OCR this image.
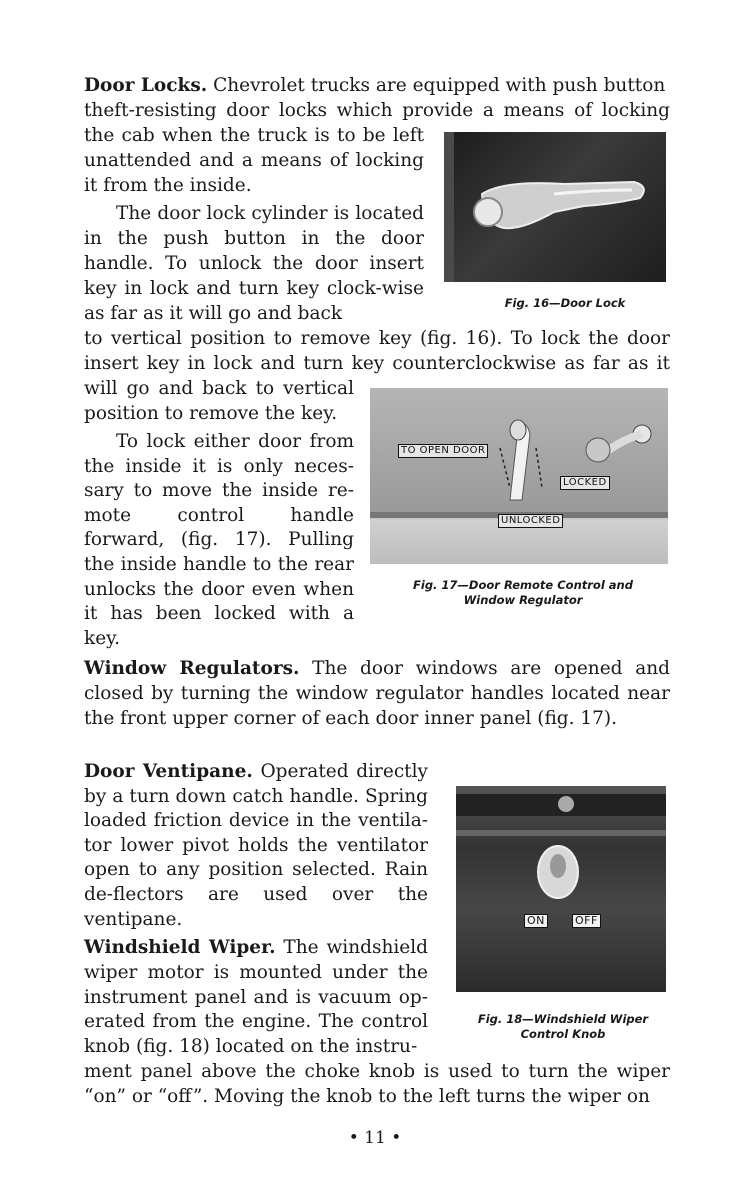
Door Locks. Chevrolet trucks are equipped with push button

theft-resisting door locks which provide a means of locking

the cab when the truck is to be left

unattended and a means of locking

it from the inside.

The door lock cylinder is located in the push button in the door handle. To unlock the door insert key in lock and turn key clock-wise as far as it will go and back

to vertical position to remove key (fig. 16). To lock the door insert key in lock and turn key counterclockwise as far as it

will go and back to vertical position to remove the key.

To lock either door from the inside it is only neces-sary to move the inside re-mote control handle forward, (fig. 17). Pulling the inside handle to the rear unlocks the door even when it has been locked with a key.

Fig. 16—Door Lock
TO OPEN DOOR
LOCKED
UNLOCKED
Fig. 17—Door Remote Control and
Window Regulator

Window Regulators. The door windows are opened and closed by turning the window regulator handles located near the front upper corner of each door inner panel (fig. 17).

Door Ventipane. Operated directly by a turn down catch handle. Spring loaded friction device in the ventila-tor lower pivot holds the ventilator open to any position selected. Rain de-flectors are used over the ventipane.	ON	OFF
Fig. 18—Windshield Wiper
Control Knob

Windshield Wiper. The windshield wiper motor is mounted under the instrument panel and is vacuum op-erated from the engine. The control knob (fig. 18) located on the instru-

ment panel above the choke knob is used to turn the wiper “on” or “off”. Moving the knob to the left turns the wiper on

• 11 •
